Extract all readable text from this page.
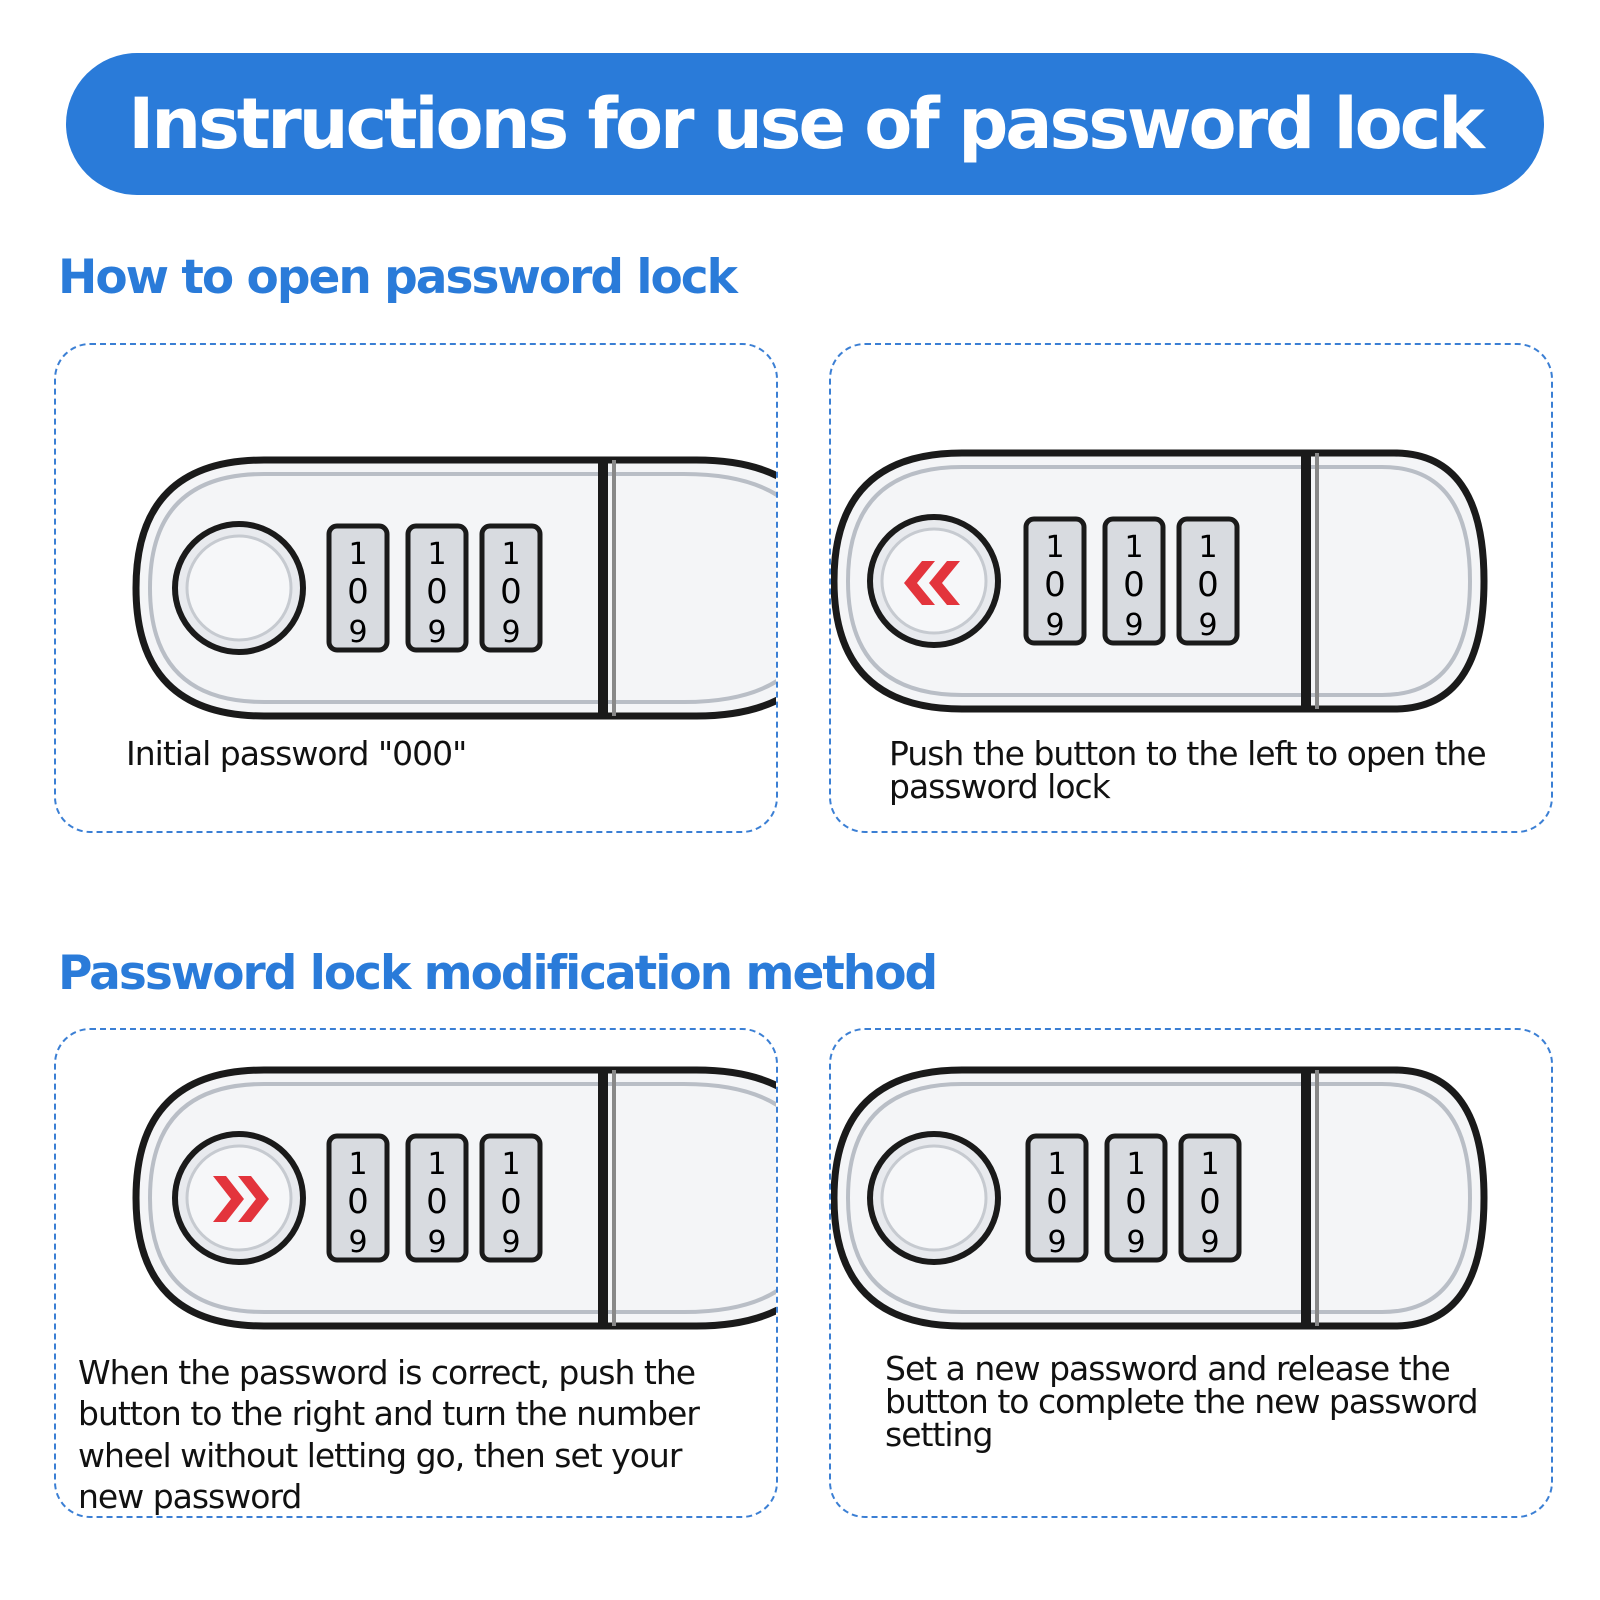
Instructions for use of password lock
How to open password lock
1
0
9
1
0
9
1
0
9

Initial password "000"

1
0
9
1
0
9
1
0
9

Push the button to the left to open the password lock

Password lock modification method
1
0
9
1
0
9
1
0
9

When the password is correct, push the button to the right and turn the number wheel without letting go, then set your new password

1
0
9
1
0
9
1
0
9

Set a new password and release the button to complete the new password setting
